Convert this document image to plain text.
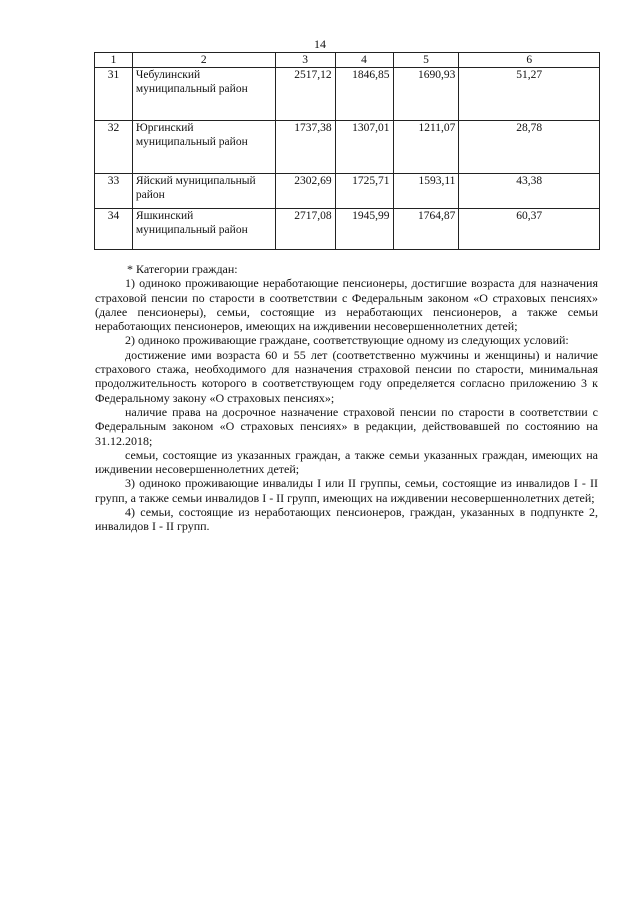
14
1	2	3	4	5	6
31	Чебулинский муниципальный район	2517,12	1846,85	1690,93	51,27
32	Юргинский муниципальный район	1737,38	1307,01	1211,07	28,78
33	Яйский муниципальный район	2302,69	1725,71	1593,11	43,38
34	Яшкинский муниципальный район	2717,08	1945,99	1764,87	60,37

* Категории граждан:

1) одиноко проживающие неработающие пенсионеры, достигшие возраста для назначения страховой пенсии по старости в соответствии с Федеральным законом «О страховых пенсиях» (далее пенсионеры), семьи, состоящие из неработающих пенсионеров, а также семьи неработающих пенсионеров, имеющих на иждивении несовершеннолетних детей;

2) одиноко проживающие граждане, соответствующие одному из следующих условий:

достижение ими возраста 60 и 55 лет (соответственно мужчины и женщины) и наличие страхового стажа, необходимого для назначения страховой пенсии по старости, минимальная продолжительность которого в соответствующем году определяется согласно приложению 3 к Федеральному закону «О страховых пенсиях»;

наличие права на досрочное назначение страховой пенсии по старости в соответствии с Федеральным законом «О страховых пенсиях» в редакции, действовавшей по состоянию на 31.12.2018;

семьи, состоящие из указанных граждан, а также семьи указанных граждан, имеющих на иждивении несовершеннолетних детей;

3) одиноко проживающие инвалиды I или II группы, семьи, состоящие из инвалидов I - II групп, а также семьи инвалидов I - II групп, имеющих на иждивении несовершеннолетних детей;

4) семьи, состоящие из неработающих пенсионеров, граждан, указанных в подпункте 2, инвалидов I - II групп.
